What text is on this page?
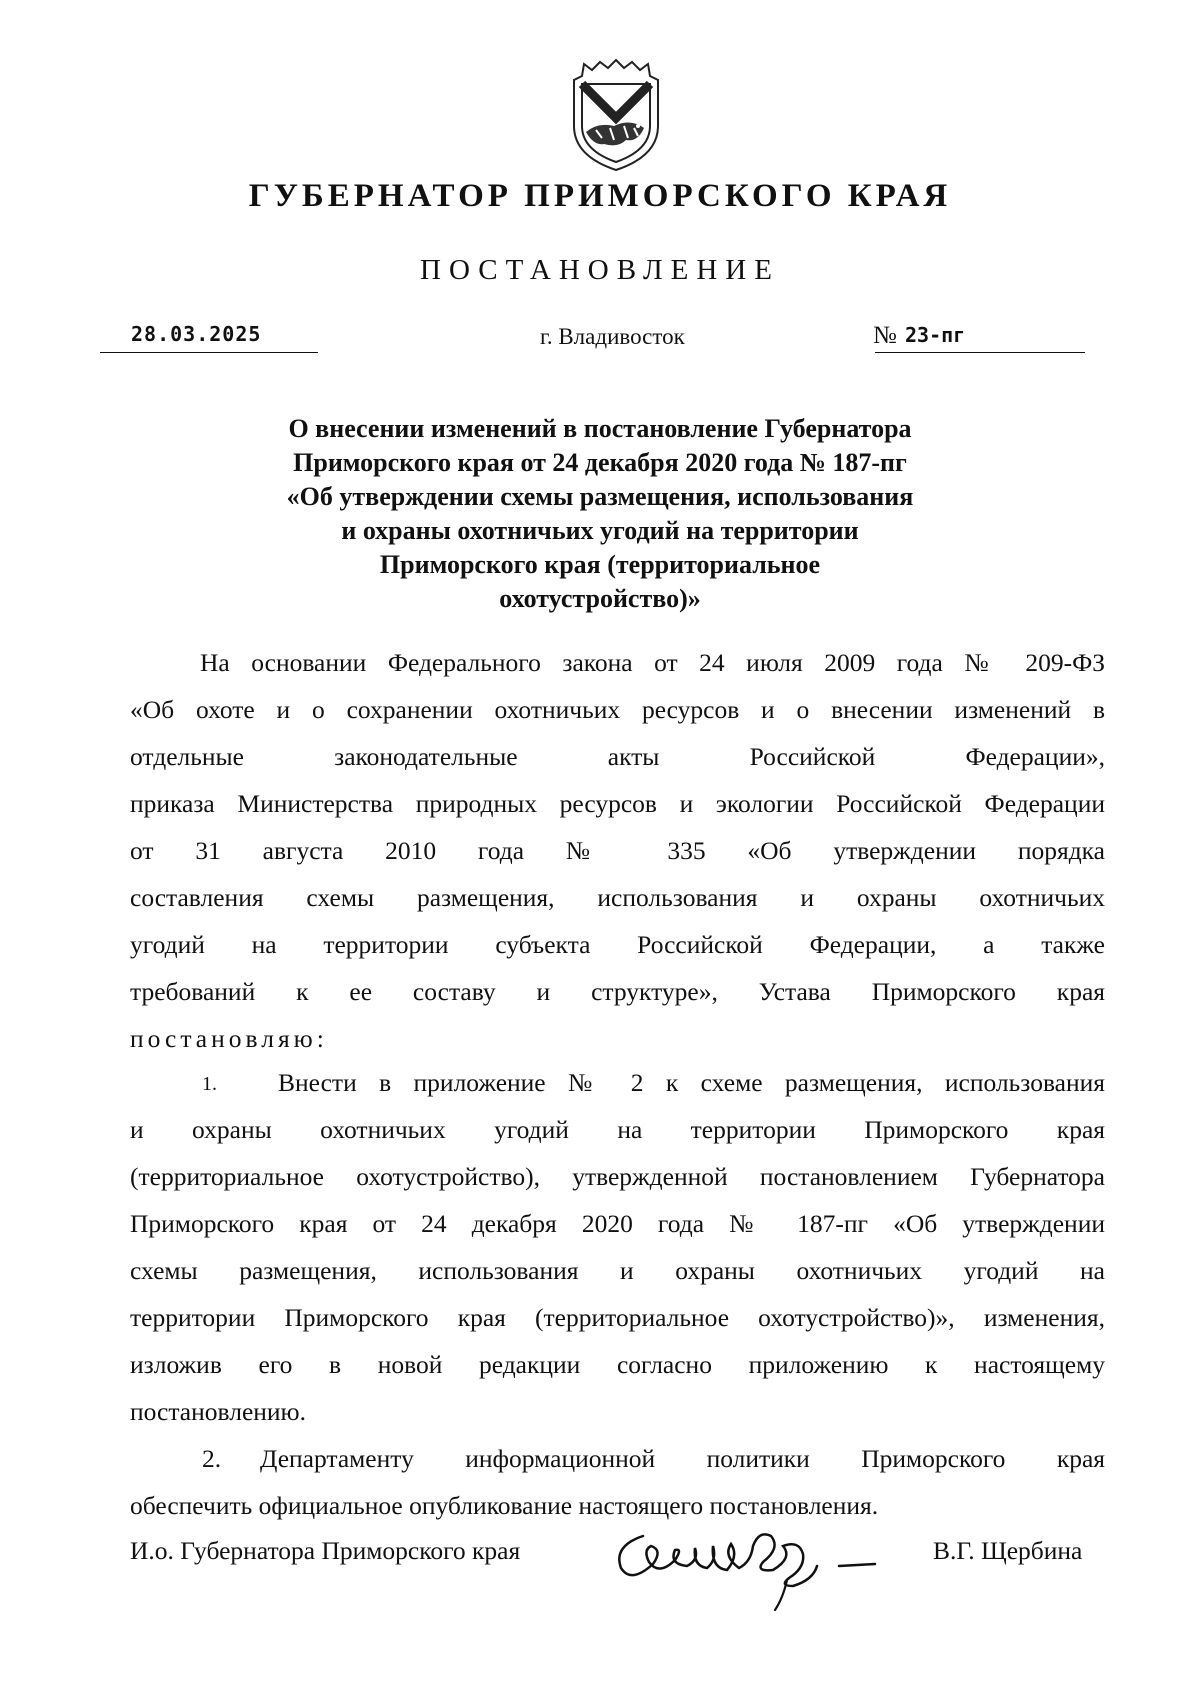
ГУБЕРНАТОР ПРИМОРСКОГО КРАЯ
ПОСТАНОВЛЕНИЕ
28.03.2025	г. Владивосток	№ 23-пг
О внесении изменений в постановление Губернатора
Приморского края от 24 декабря 2020 года № 187-пг
«Об утверждении схемы размещения, использования
и охраны охотничьих угодий на территории
Приморского края (территориальное
охотустройство)»
На основании Федерального закона от 24 июля 2009 года № 209-ФЗ
«Об охоте и о сохранении охотничьих ресурсов и о внесении изменений в
отдельные законодательные акты Российской Федерации»,
приказа Министерства природных ресурсов и экологии Российской Федерации
от 31 августа 2010 года № 335 «Об утверждении порядка
составления схемы размещения, использования и охраны охотничьих
угодий на территории субъекта Российской Федерации, а также
требований к ее составу и структуре», Устава Приморского края
постановляю:
1. Внести в приложение № 2 к схеме размещения, использования
и охраны охотничьих угодий на территории Приморского края
(территориальное охотустройство), утвержденной постановлением Губернатора
Приморского края от 24 декабря 2020 года № 187-пг «Об утверждении
схемы размещения, использования и охраны охотничьих угодий на
территории Приморского края (территориальное охотустройство)», изменения,
изложив его в новой редакции согласно приложению к настоящему
постановлению.
2. Департаменту информационной политики Приморского края
обеспечить официальное опубликование настоящего постановления.
И.о. Губернатора Приморского края	В.Г. Щербина
